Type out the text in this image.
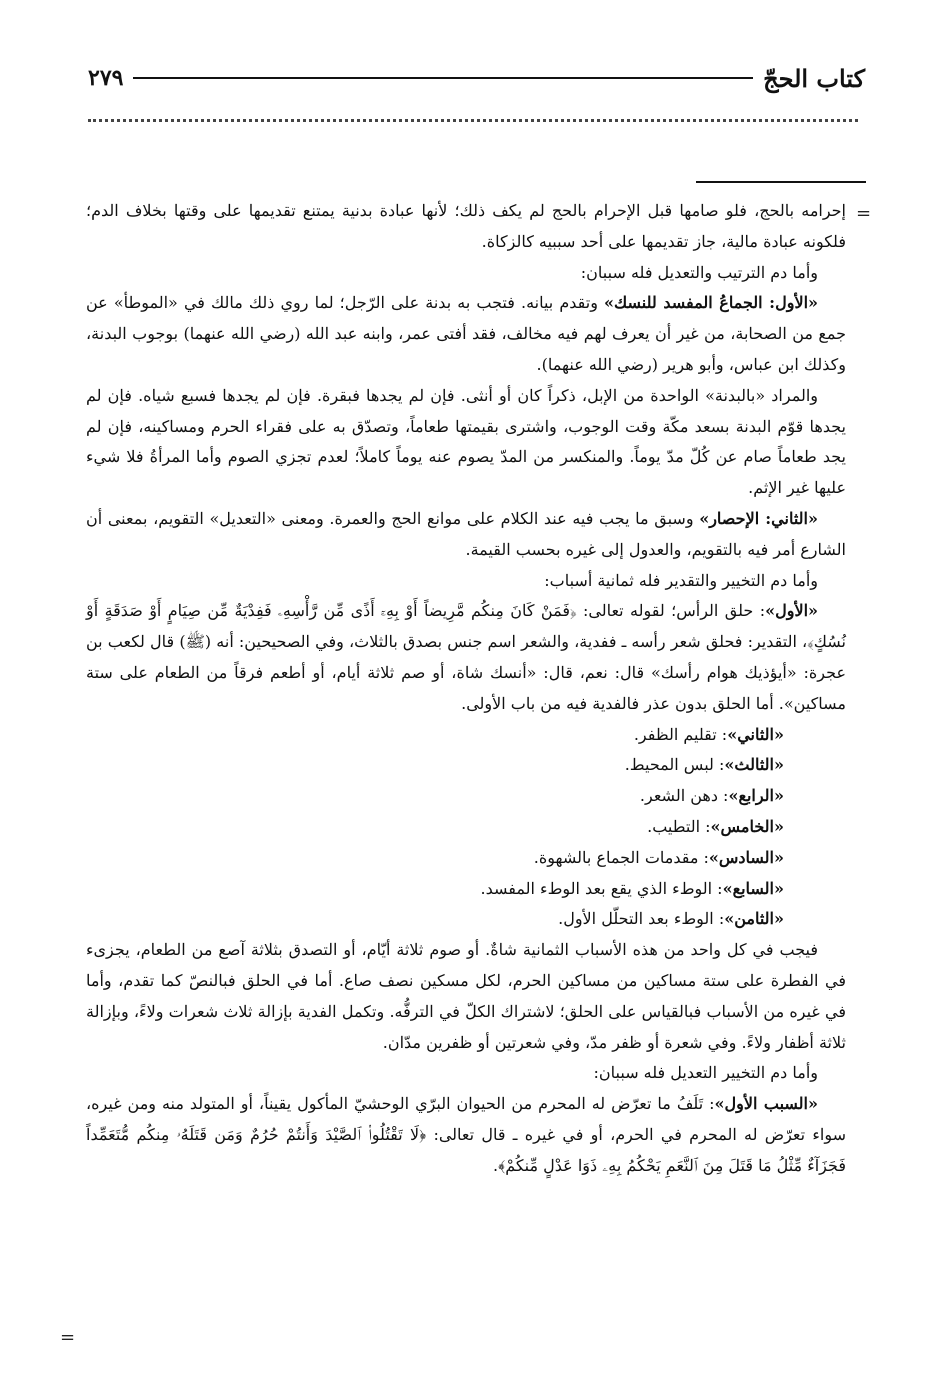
كتاب الحجّ
٢٧٩
=
=

إحرامه بالحج، فلو صامها قبل الإحرام بالحج لم يكف ذلك؛ لأنها عبادة بدنية يمتنع تقديمها على وقتها بخلاف الدم؛ فلكونه عبادة مالية، جاز تقديمها على أحد سببيه كالزكاة.

وأما دم الترتيب والتعديل فله سببان:

«الأول: الجماعُ المفسد للنسك» وتقدم بيانه. فتجب به بدنة على الرّجل؛ لما روي ذلك مالك في «الموطأ» عن جمع من الصحابة، من غير أن يعرف لهم فيه مخالف، فقد أفتى عمر، وابنه عبد الله (رضي الله عنهما) بوجوب البدنة، وكذلك ابن عباس، وأبو هرير (رضي الله عنهما).

والمراد «بالبدنة» الواحدة من الإبل، ذكراً كان أو أنثى. فإن لم يجدها فبقرة. فإن لم يجدها فسبع شياه. فإن لم يجدها قوّم البدنة بسعد مكّة وقت الوجوب، واشترى بقيمتها طعاماً، وتصدّق به على فقراء الحرم ومساكينه، فإن لم يجد طعاماً صام عن كُلّ مدّ يوماً. والمنكسر من المدّ يصوم عنه يوماً كاملاً؛ لعدم تجزي الصوم وأما المرأةُ فلا شيء عليها غير الإثم.

«الثاني: الإحصار» وسبق ما يجب فيه عند الكلام على موانع الحج والعمرة. ومعنى «التعديل» التقويم، بمعنى أن الشارع أمر فيه بالتقويم، والعدول إلى غيره بحسب القيمة.

وأما دم التخيير والتقدير فله ثمانية أسباب:

«الأول»: حلق الرأس؛ لقوله تعالى: ﴿فَمَنْ كَانَ مِنكُم مَّرِيضاً أَوْ بِهِۦٓ أَذًى مِّن رَّأْسِهِۦ فَفِدْيَةٌ مِّن صِيَامٍ أَوْ صَدَقَةٍ أَوْ نُسُكٍ﴾، التقدير: فحلق شعر رأسه ـ ففدية، والشعر اسم جنس بصدق بالثلاث، وفي الصحيحين: أنه (ﷺ) قال لكعب بن عجرة: «أيؤذيك هوام رأسك» قال: نعم، قال: «أنسك شاة، أو صم ثلاثة أيام، أو أطعم فرقاً من الطعام على ستة مساكين». أما الحلق بدون عذر فالفدية فيه من باب الأولى.

«الثاني»: تقليم الظفر.

«الثالث»: لبس المحيط.

«الرابع»: دهن الشعر.

«الخامس»: التطيب.

«السادس»: مقدمات الجماع بالشهوة.

«السابع»: الوطء الذي يقع بعد الوطء المفسد.

«الثامن»: الوطء بعد التحلّل الأول.

فيجب في كل واحد من هذه الأسباب الثمانية شاةٌ. أو صوم ثلاثة أيّام، أو التصدق بثلاثة آصع من الطعام، يجزىء في الفطرة على ستة مساكين من مساكين الحرم، لكل مسكين نصف صاع. أما في الحلق فبالنصّ كما تقدم، وأما في غيره من الأسباب فبالقياس على الحلق؛ لاشتراك الكلّ في الترفُّه. وتكمل الفدية بإزالة ثلاث شعرات ولاءً، وبإزالة ثلاثة أظفار ولاءً. وفي شعرة أو ظفر مدّ، وفي شعرتين أو ظفرين مدّان.

وأما دم التخيير التعديل فله سببان:

«السبب الأول»: تَلَفُ ما تعرّض له المحرم من الحيوان البرّي الوحشيّ المأكول يقيناً، أو المتولد منه ومن غيره، سواء تعرّض له المحرم في الحرم، أو في غيره ـ قال تعالى: ﴿لَا تَقْتُلُوا۟ ٱلصَّيْدَ وَأَنتُمْ حُرُمٌ وَمَن قَتَلَهُۥ مِنكُم مُّتَعَمِّداً فَجَزَآءٌ مِّثْلُ مَا قَتَلَ مِنَ ٱلنَّعَمِ يَحْكُمُ بِهِۦ ذَوَا عَدْلٍ مِّنكُمْ﴾.
